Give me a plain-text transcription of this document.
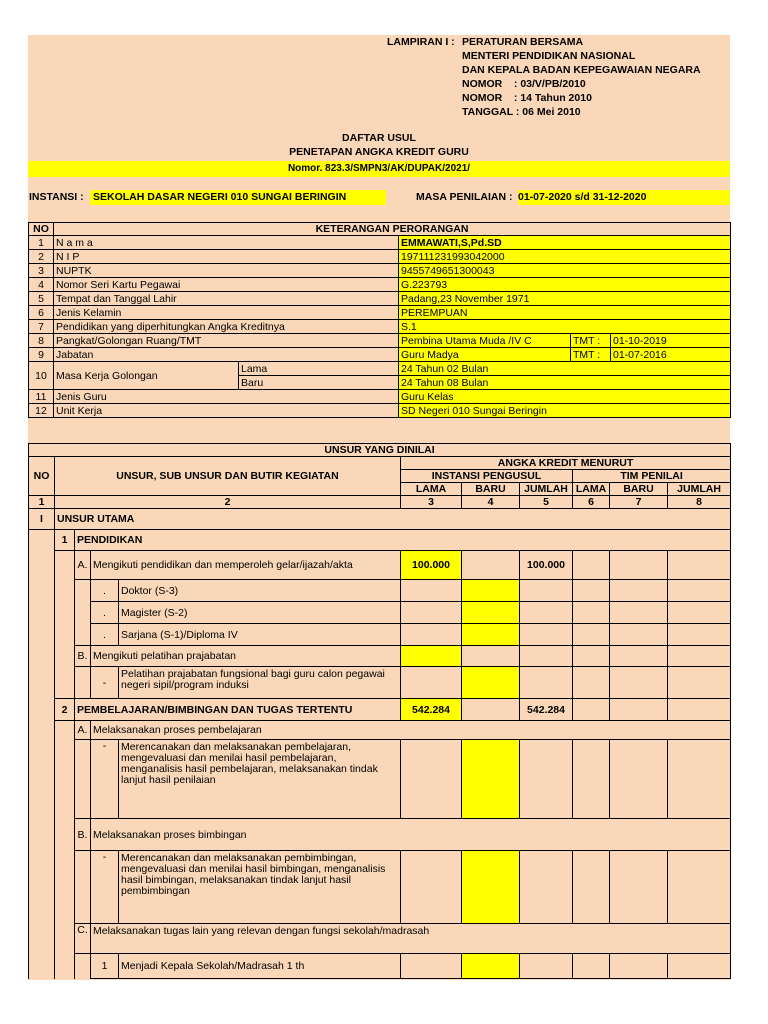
LAMPIRAN I : PERATURAN BERSAMA
MENTERI PENDIDIKAN NASIONAL
DAN KEPALA BADAN KEPEGAWAIAN NEGARA
NOMOR    : 03/V/PB/2010
NOMOR    : 14 Tahun 2010
TANGGAL : 06 Mei 2010
DAFTAR USUL
PENETAPAN ANGKA KREDIT GURU
Nomor. 823.3/SMPN3/AK/DUPAK/2021/
INSTANSI : SEKOLAH DASAR NEGERI 010 SUNGAI BERINGIN	MASA PENILAIAN : 01-07-2020 s/d 31-12-2020
NO	KETERANGAN PERORANGAN				
1	N a m a		EMMAWATI,S,Pd.SD		
2	N I P		197111231993042000		
3	NUPTK		9455749651300043		
4	Nomor Seri Kartu Pegawai		G.223793		
5	Tempat dan Tanggal Lahir		Padang,23 November 1971		
6	Jenis Kelamin		PEREMPUAN		
7	Pendidikan yang diperhitungkan Angka Kreditnya		S.1		
8	Pangkat/Golongan Ruang/TMT		Pembina Utama Muda /IV C	TMT :	01-10-2019
9	Jabatan		Guru Madya	TMT :	01-07-2016
10	Masa Kerja Golongan	Lama	24 Tahun 02 Bulan		
		Baru	24 Tahun 08 Bulan		
11	Jenis Guru		Guru Kelas		
12	Unit Kerja		SD Negeri 010 Sungai Beringin		
UNSUR YANG DINILAI										
NO	UNSUR, SUB UNSUR DAN BUTIR KEGIATAN				ANGKA KREDIT MENURUT					
					INSTANSI PENGUSUL			TIM PENILAI		
					LAMA	BARU	JUMLAH	LAMA	BARU	JUMLAH
1	2				3	4	5	6	7	8
I	UNSUR UTAMA									
	1	PENDIDIKAN								
		A.	Mengikuti pendidikan dan memperoleh gelar/ijazah/akta		100.000		100.000			
			.	Doktor (S-3)						
			.	Magister (S-2)						
			.	Sarjana (S-1)/Diploma IV						
		B.	Mengikuti pelatihan prajabatan							
			-	Pelatihan prajabatan fungsional bagi guru calon pegawai negeri sipil/program induksi						
	2	PEMBELAJARAN/BIMBINGAN DAN TUGAS TERTENTU			542.284		542.284			
		A.	Melaksanakan proses pembelajaran							
			-	Merencanakan dan melaksanakan pembelajaran, mengevaluasi dan menilai hasil pembelajaran, menganalisis hasil pembelajaran, melaksanakan tindak lanjut hasil penilaian						
		B.	Melaksanakan proses bimbingan							
			-	Merencanakan dan melaksanakan pembimbingan, mengevaluasi dan menilai hasil bimbingan, menganalisis hasil bimbingan, melaksanakan tindak lanjut hasil pembimbingan						
		C.	Melaksanakan tugas lain yang relevan dengan fungsi sekolah/madrasah							
			1	Menjadi Kepala Sekolah/Madrasah 1 th						
